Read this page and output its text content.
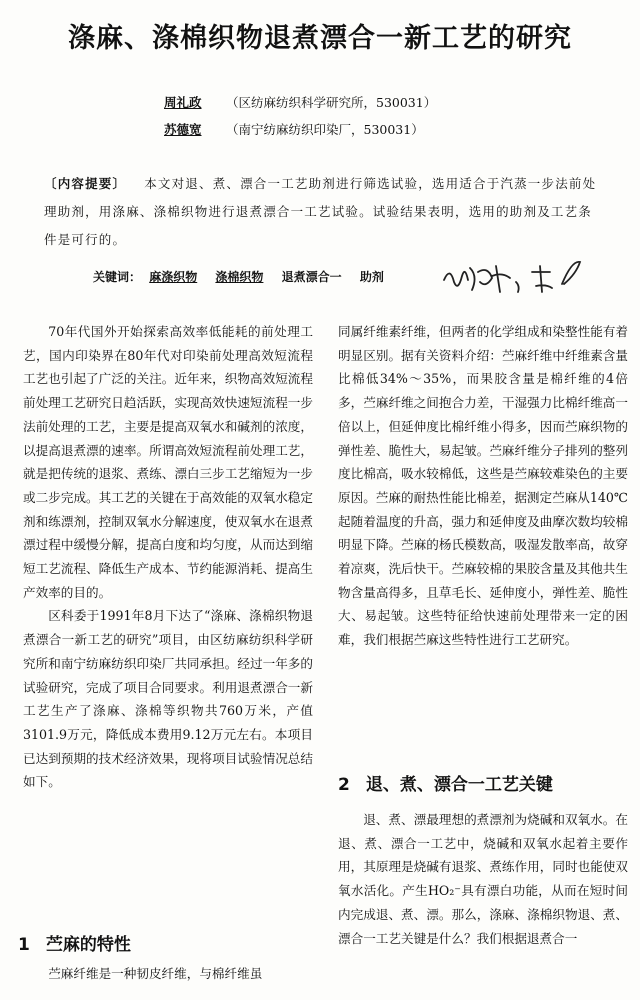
涤麻、涤棉织物退煮漂合一新工艺的研究
周礼政 （区纺麻纺织科学研究所，530031）
苏德宽 （南宁纺麻纺织印染厂，530031）
〔内容提要〕 本文对退、煮、漂合一工艺助剂进行筛选试验，选用适合于汽蒸一步法前处理助剂，用涤麻、涤棉织物进行退煮漂合一工艺试验。试验结果表明，选用的助剂及工艺条件是可行的。
关键词： 麻涤织物 涤棉织物 退煮漂合一 助剂

70年代国外开始探索高效率低能耗的前处理工艺，国内印染界在80年代对印染前处理高效短流程工艺也引起了广泛的关注。近年来，织物高效短流程前处理工艺研究日趋活跃，实现高效快速短流程一步法前处理的工艺，主要是提高双氧水和碱剂的浓度，以提高退煮漂的速率。所谓高效短流程前处理工艺，就是把传统的退浆、煮练、漂白三步工艺缩短为一步或二步完成。其工艺的关键在于高效能的双氧水稳定剂和练漂剂，控制双氧水分解速度，使双氧水在退煮漂过程中缓慢分解，提高白度和均匀度，从而达到缩短工艺流程、降低生产成本、节约能源消耗、提高生产效率的目的。

区科委于1991年8月下达了“涤麻、涤棉织物退煮漂合一新工艺的研究”项目，由区纺麻纺织科学研究所和南宁纺麻纺织印染厂共同承担。经过一年多的试验研究，完成了项目合同要求。利用退煮漂合一新工艺生产了涤麻、涤棉等织物共760万米，产值3101.9万元，降低成本费用9.12万元左右。本项目已达到预期的技术经济效果，现将项目试验情况总结如下。

1 苎麻的特性

苎麻纤维是一种韧皮纤维，与棉纤维虽

同属纤维素纤维，但两者的化学组成和染整性能有着明显区别。据有关资料介绍：苎麻纤维中纤维素含量比棉低34%～35%，而果胶含量是棉纤维的4倍多，苎麻纤维之间抱合力差，干湿强力比棉纤维高一倍以上，但延伸度比棉纤维小得多，因而苎麻织物的弹性差、脆性大，易起皱。苎麻纤维分子排列的整列度比棉高，吸水较棉低，这些是苎麻较难染色的主要原因。苎麻的耐热性能比棉差，据测定苎麻从140℃起随着温度的升高，强力和延伸度及曲摩次数均较棉明显下降。苎麻的杨氏模数高，吸湿发散率高，故穿着凉爽，洗后快干。苎麻较棉的果胶含量及其他共生物含量高得多，且草毛长、延伸度小，弹性差、脆性大、易起皱。这些特征给快速前处理带来一定的困难，我们根据苎麻这些特性进行工艺研究。

2 退、煮、漂合一工艺关键

退、煮、漂最理想的煮漂剂为烧碱和双氧水。在退、煮、漂合一工艺中，烧碱和双氧水起着主要作用，其原理是烧碱有退浆、煮练作用，同时也能使双氧水活化。产生HO₂⁻具有漂白功能，从而在短时间内完成退、煮、漂。那么，涤麻、涤棉织物退、煮、漂合一工艺关键是什么？我们根据退煮合一
